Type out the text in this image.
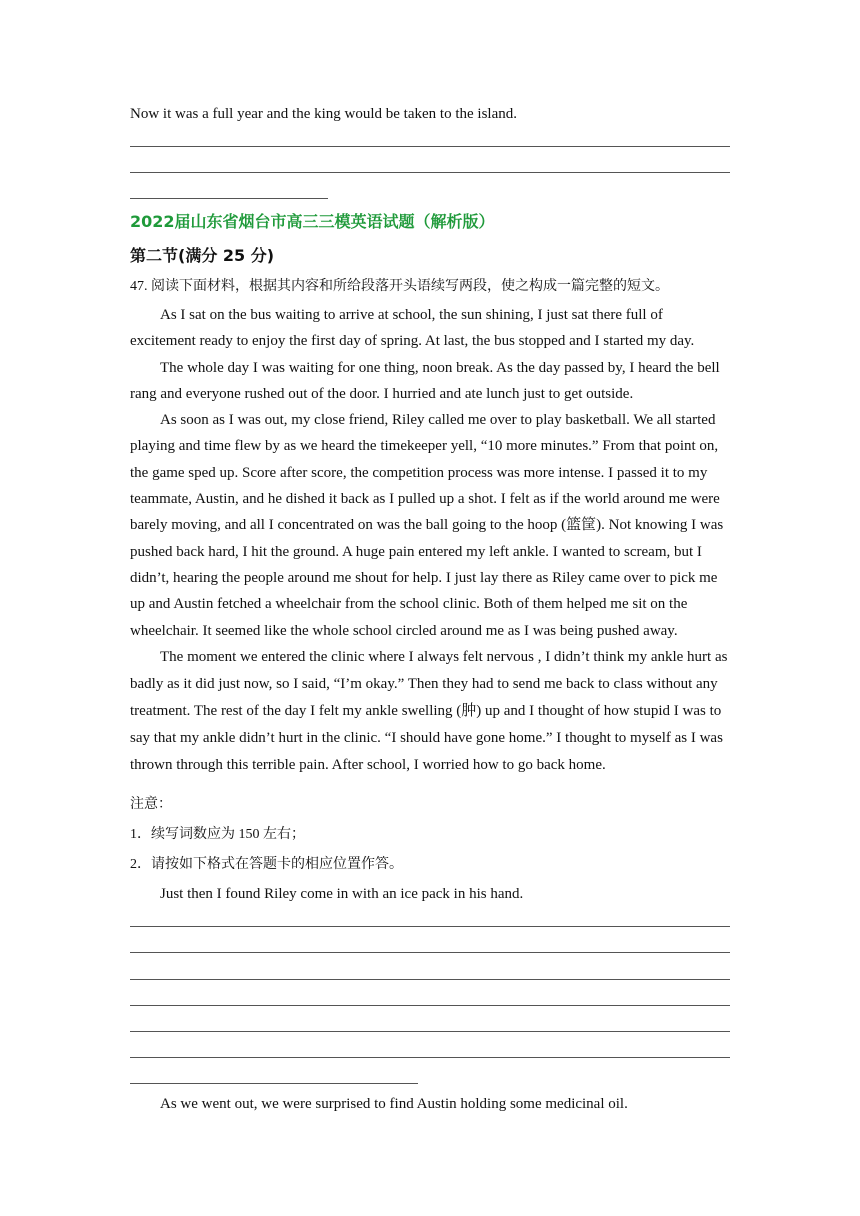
Now it was a full year and the king would be taken to the island.

2022届山东省烟台市高三三模英语试题（解析版）
第二节(满分 25 分)

47. 阅读下面材料，根据其内容和所给段落开头语续写两段，使之构成一篇完整的短文。

As I sat on the bus waiting to arrive at school, the sun shining, I just sat there full of excitement ready to enjoy the first day of spring. At last, the bus stopped and I started my day.

The whole day I was waiting for one thing, noon break. As the day passed by, I heard the bell rang and everyone rushed out of the door. I hurried and ate lunch just to get outside.

As soon as I was out, my close friend, Riley called me over to play basketball. We all started playing and time flew by as we heard the timekeeper yell, “10 more minutes.” From that point on, the game sped up. Score after score, the competition process was more intense. I passed it to my teammate, Austin, and he dished it back as I pulled up a shot. I felt as if the world around me were barely moving, and all I concentrated on was the ball going to the hoop (篮筐). Not knowing I was pushed back hard, I hit the ground. A huge pain entered my left ankle. I wanted to scream, but I didn’t, hearing the people around me shout for help. I just lay there as Riley came over to pick me up and Austin fetched a wheelchair from the school clinic. Both of them helped me sit on the wheelchair. It seemed like the whole school circled around me as I was being pushed away.

The moment we entered the clinic where I always felt nervous , I didn’t think my ankle hurt as badly as it did just now, so I said, “I’m okay.” Then they had to send me back to class without any treatment. The rest of the day I felt my ankle swelling (肿) up and I thought of how stupid I was to say that my ankle didn’t hurt in the clinic. “I should have gone home.” I thought to myself as I was thrown through this terrible pain. After school, I worried how to go back home.

注意：

1．续写词数应为 150 左右；

2．请按如下格式在答题卡的相应位置作答。

Just then I found Riley come in with an ice pack in his hand.

As we went out, we were surprised to find Austin holding some medicinal oil.
